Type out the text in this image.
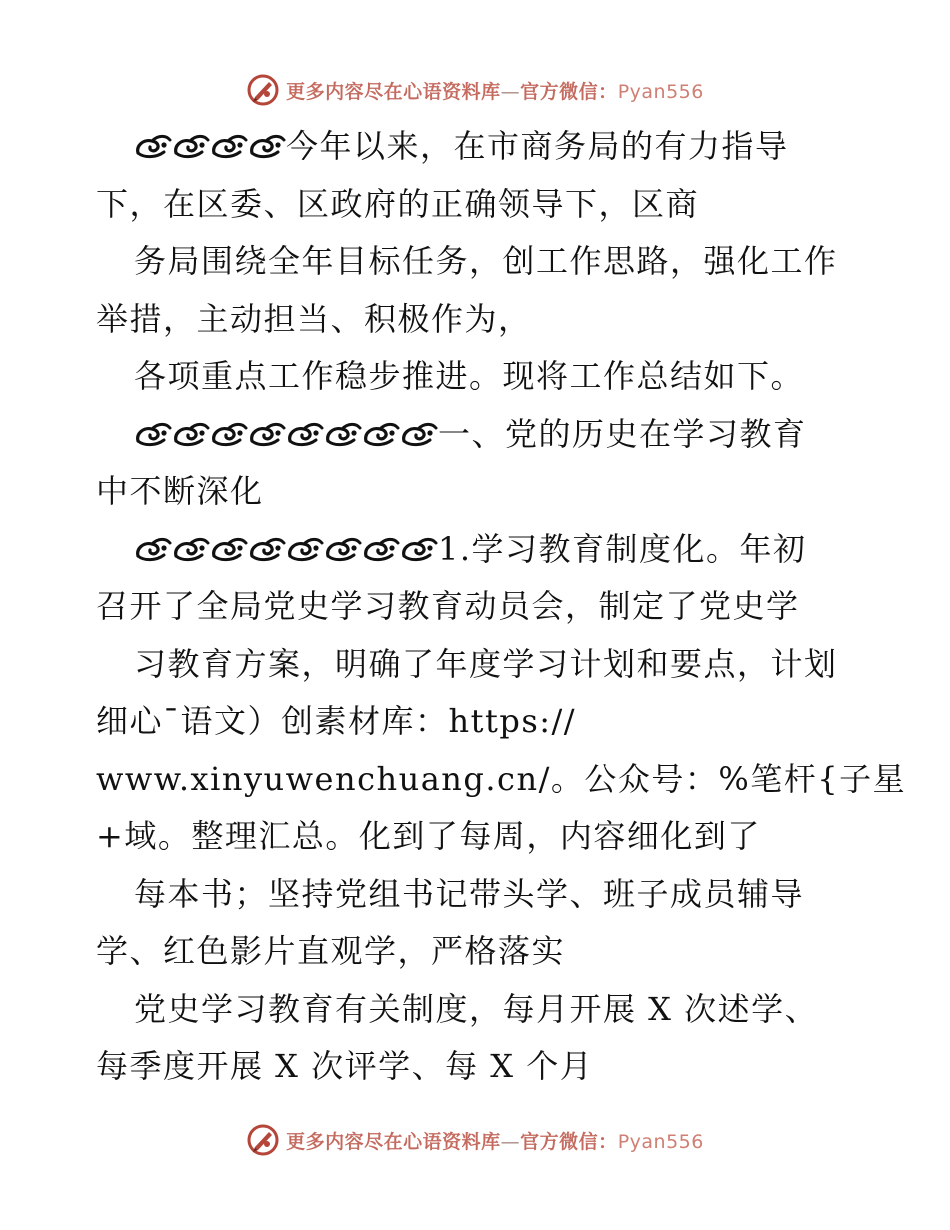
更多内容尽在心语资料库—官方微信：Pyan556
今年以来，在市商务局的有力指导
下，在区委、区政府的正确领导下，区商
务局围绕全年目标任务，创工作思路，强化工作
举措，主动担当、积极作为，
各项重点工作稳步推进。现将工作总结如下。
一、党的历史在学习教育
中不断深化
1.学习教育制度化。年初
召开了全局党史学习教育动员会，制定了党史学
习教育方案，明确了年度学习计划和要点，计划
细心¯语文）创素材库：https://
www.xinyuwenchuang.cn/。公众号：%笔杆{子星
+域。整理汇总。化到了每周，内容细化到了
每本书；坚持党组书记带头学、班子成员辅导
学、红色影片直观学，严格落实
党史学习教育有关制度，每月开展 X 次述学、
每季度开展 X 次评学、每 X 个月
更多内容尽在心语资料库—官方微信：Pyan556
